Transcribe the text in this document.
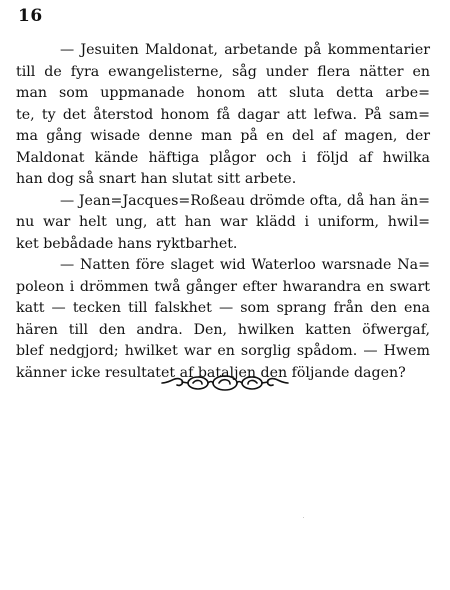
16
— Jesuiten Maldonat, arbetande på kommentarier
till de fyra ewangelisterne, såg under flera nätter en
man som uppmanade honom att sluta detta arbe=
te, ty det återstod honom få dagar att lefwa. På sam=
ma gång wisade denne man på en del af magen, der
Maldonat kände häftiga plågor och i följd af hwilka
han dog så snart han slutat sitt arbete.
— Jean=Jacques=Roßeau drömde ofta, då han än=
nu war helt ung, att han war klädd i uniform, hwil=
ket bebådade hans ryktbarhet.
— Natten före slaget wid Waterloo warsnade Na=
poleon i drömmen twå gånger efter hwarandra en swart
katt — tecken till falskhet — som sprang från den ena
hären till den andra. Den, hwilken katten öfwergaf,
blef nedgjord; hwilket war en sorglig spådom. — Hwem
känner icke resultatet af bataljen den följande dagen?
